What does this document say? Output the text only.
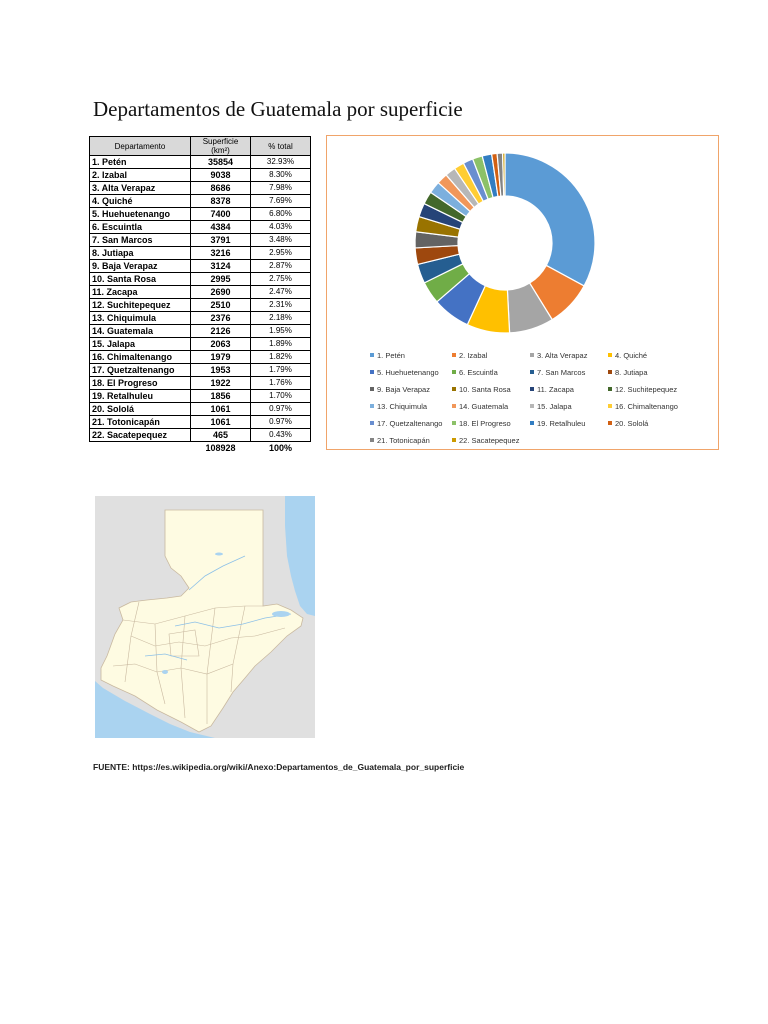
Departamentos de Guatemala por superficie
Departamento	Superficie (km²)	% total
1. Petén	35854	32.93%
2. Izabal	9038	8.30%
3. Alta Verapaz	8686	7.98%
4. Quiché	8378	7.69%
5. Huehuetenango	7400	6.80%
6. Escuintla	4384	4.03%
7. San Marcos	3791	3.48%
8. Jutiapa	3216	2.95%
9. Baja Verapaz	3124	2.87%
10. Santa Rosa	2995	2.75%
11. Zacapa	2690	2.47%
12. Suchitepequez	2510	2.31%
13. Chiquimula	2376	2.18%
14. Guatemala	2126	1.95%
15. Jalapa	2063	1.89%
16. Chimaltenango	1979	1.82%
17. Quetzaltenango	1953	1.79%
18. El Progreso	1922	1.76%
19. Retalhuleu	1856	1.70%
20. Sololá	1061	0.97%
21. Totonicapán	1061	0.97%
22. Sacatepequez	465	0.43%
	108928	100%
1. Petén	2. Izabal	3. Alta Verapaz	4. Quiché
5. Huehuetenango	6. Escuintla	7. San Marcos	8. Jutiapa
9. Baja Verapaz	10. Santa Rosa	11. Zacapa	12. Suchitepequez
13. Chiquimula	14. Guatemala	15. Jalapa	16. Chimaltenango
17. Quetzaltenango 18. El Progreso	19. Retalhuleu	20. Sololá
21. Totonicapán	22. Sacatepequez
FUENTE: https://es.wikipedia.org/wiki/Anexo:Departamentos_de_Guatemala_por_superficie
